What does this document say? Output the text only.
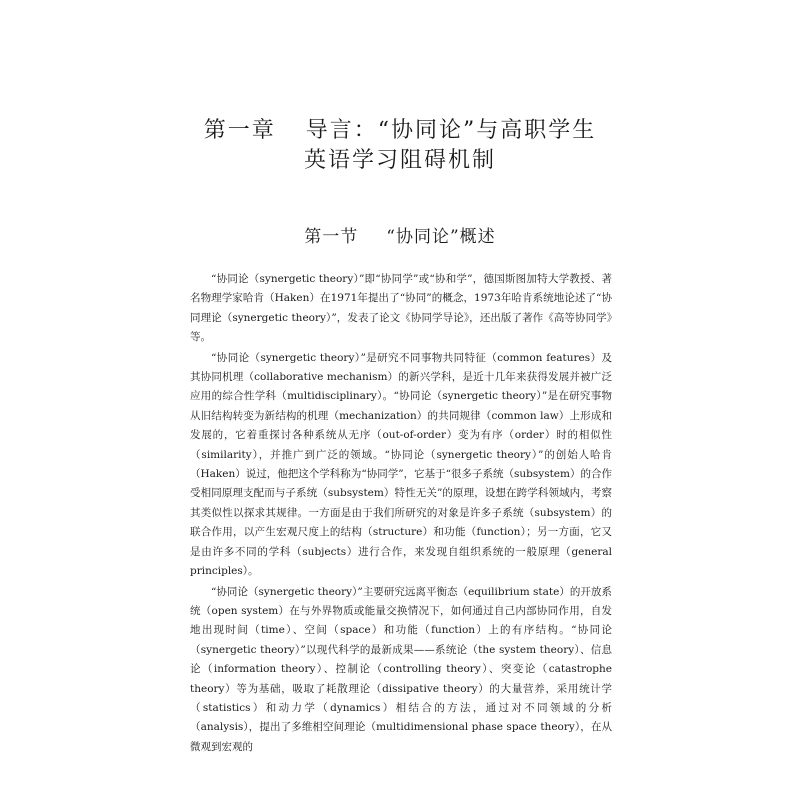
第一章 导言：“协同论”与高职学生
英语学习阻碍机制
第一节 “协同论”概述

“协同论（synergetic theory）”即“协同学”或“协和学”，德国斯图加特大学教授、著名物理学家哈肯（Haken）在1971年提出了“协同”的概念，1973年哈肯系统地论述了“协同理论（synergetic theory）”，发表了论文《协同学导论》，还出版了著作《高等协同学》等。

“协同论（synergetic theory）”是研究不同事物共同特征（common features）及其协同机理（collaborative mechanism）的新兴学科，是近十几年来获得发展并被广泛应用的综合性学科（multidisciplinary）。“协同论（synergetic theory）”是在研究事物从旧结构转变为新结构的机理（mechanization）的共同规律（common law）上形成和发展的，它着重探讨各种系统从无序（out-of-order）变为有序（order）时的相似性（similarity），并推广到广泛的领域。“协同论（synergetic theory）”的创始人哈肯（Haken）说过，他把这个学科称为“协同学”，它基于“很多子系统（subsystem）的合作受相同原理支配而与子系统（subsystem）特性无关”的原理，设想在跨学科领域内，考察其类似性以探求其规律。一方面是由于我们所研究的对象是许多子系统（subsystem）的联合作用，以产生宏观尺度上的结构（structure）和功能（function）；另一方面，它又是由许多不同的学科（subjects）进行合作，来发现自组织系统的一般原理（general principles）。

“协同论（synergetic theory）”主要研究远离平衡态（equilibrium state）的开放系统（open system）在与外界物质或能量交换情况下，如何通过自己内部协同作用，自发地出现时间（time）、空间（space）和功能（function）上的有序结构。“协同论（synergetic theory）”以现代科学的最新成果——系统论（the system theory）、信息论（information theory）、控制论（controlling theory）、突变论（catastrophe theory）等为基础，吸取了耗散理论（dissipative theory）的大量营养，采用统计学（statistics）和动力学（dynamics）相结合的方法，通过对不同领域的分析（analysis），提出了多维相空间理论（multidimensional phase space theory），在从微观到宏观的
